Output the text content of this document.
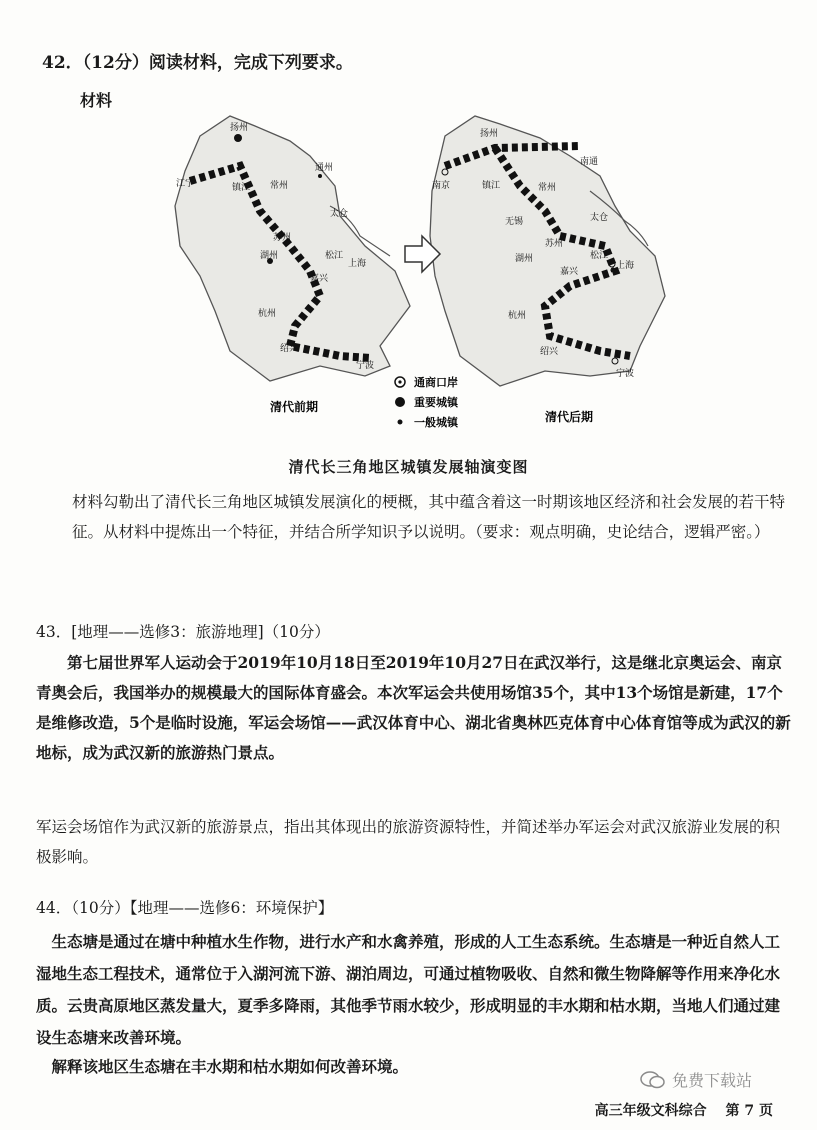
42．（12分）阅读材料，完成下列要求。
材料
扬州
江宁	镇江 常州
通州
太仓
苏州
湖州	松江
上海
嘉兴
杭州
绍兴
宁波
扬州
南京	镇江	常州
南通
无锡	太仓
苏州
湖州	松江
上海
嘉兴
杭州
绍兴
宁波
清代前期
清代后期
通商口岸
重要城镇
一般城镇
清代长三角地区城镇发展轴演变图
材料勾勒出了清代长三角地区城镇发展演化的梗概，其中蕴含着这一时期该地区经济和社会发展的若干特征。从材料中提炼出一个特征，并结合所学知识予以说明。（要求：观点明确，史论结合，逻辑严密。）
43．[地理——选修3：旅游地理]（10分）
第七届世界军人运动会于2019年10月18日至2019年10月27日在武汉举行，这是继北京奥运会、南京青奥会后，我国举办的规模最大的国际体育盛会。本次军运会共使用场馆35个，其中13个场馆是新建，17个是维修改造，5个是临时设施，军运会场馆——武汉体育中心、湖北省奥林匹克体育中心体育馆等成为武汉的新地标，成为武汉新的旅游热门景点。
军运会场馆作为武汉新的旅游景点，指出其体现出的旅游资源特性，并简述举办军运会对武汉旅游业发展的积极影响。
44．（10分）【地理——选修6：环境保护】
生态塘是通过在塘中种植水生作物，进行水产和水禽养殖，形成的人工生态系统。生态塘是一种近自然人工湿地生态工程技术，通常位于入湖河流下游、湖泊周边，可通过植物吸收、自然和微生物降解等作用来净化水质。云贵高原地区蒸发量大，夏季多降雨，其他季节雨水较少，形成明显的丰水期和枯水期，当地人们通过建设生态塘来改善环境。
解释该地区生态塘在丰水期和枯水期如何改善环境。
免费下载站
高三年级文科综合 第 7 页
